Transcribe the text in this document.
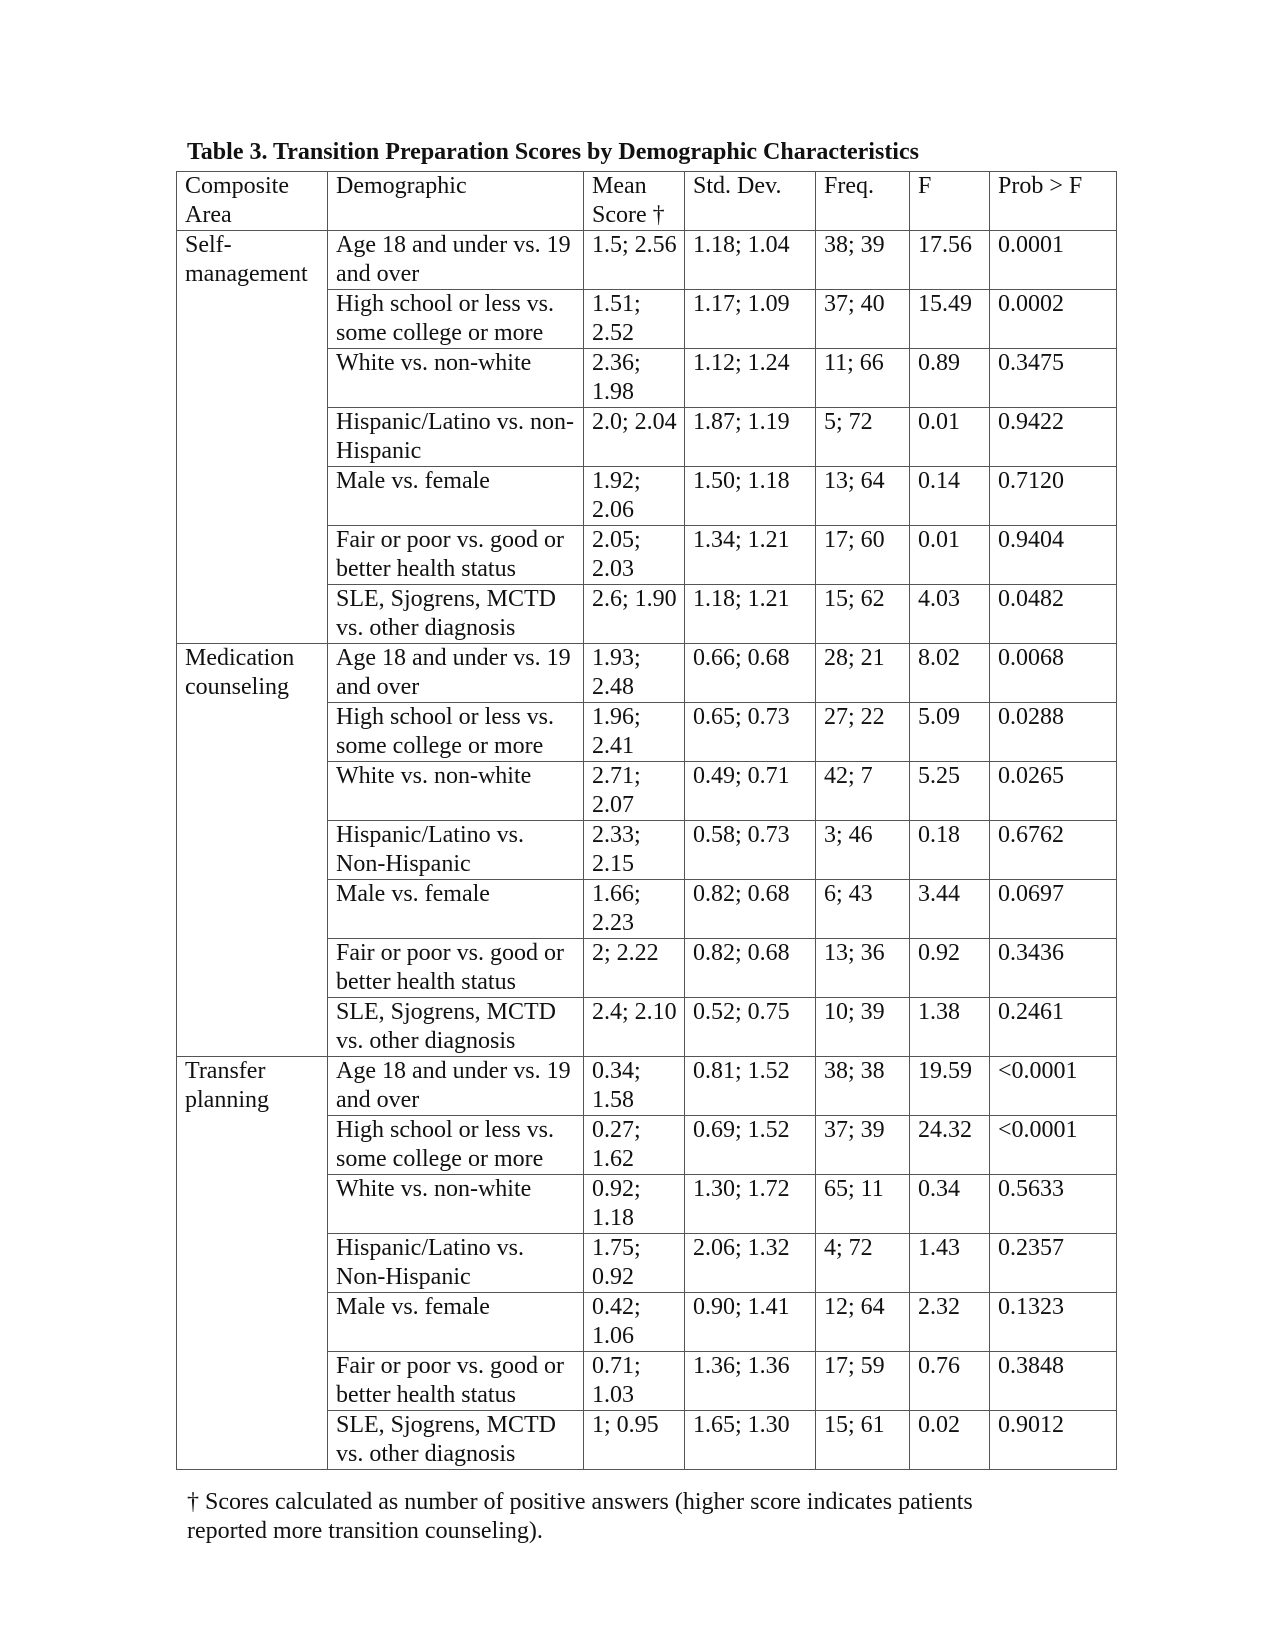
Table 3. Transition Preparation Scores by Demographic Characteristics
Composite Area	Demographic	Mean Score †	Std. Dev.	Freq.	F	Prob > F
Self-management	Age 18 and under vs. 19 and over	1.5; 2.56	1.18; 1.04	38; 39	17.56	0.0001
	High school or less vs. some college or more	1.51; 2.52	1.17; 1.09	37; 40	15.49	0.0002
	White vs. non-white	2.36; 1.98	1.12; 1.24	11; 66	0.89	0.3475
	Hispanic/Latino vs. non-Hispanic	2.0; 2.04	1.87; 1.19	5; 72	0.01	0.9422
	Male vs. female	1.92; 2.06	1.50; 1.18	13; 64	0.14	0.7120
	Fair or poor vs. good or better health status	2.05; 2.03	1.34; 1.21	17; 60	0.01	0.9404
	SLE, Sjogrens, MCTD vs. other diagnosis	2.6; 1.90	1.18; 1.21	15; 62	4.03	0.0482
Medication counseling	Age 18 and under vs. 19 and over	1.93; 2.48	0.66; 0.68	28; 21	8.02	0.0068
	High school or less vs. some college or more	1.96; 2.41	0.65; 0.73	27; 22	5.09	0.0288
	White vs. non-white	2.71; 2.07	0.49; 0.71	42; 7	5.25	0.0265
	Hispanic/Latino vs. Non-Hispanic	2.33; 2.15	0.58; 0.73	3; 46	0.18	0.6762
	Male vs. female	1.66; 2.23	0.82; 0.68	6; 43	3.44	0.0697
	Fair or poor vs. good or better health status	2; 2.22	0.82; 0.68	13; 36	0.92	0.3436
	SLE, Sjogrens, MCTD vs. other diagnosis	2.4; 2.10	0.52; 0.75	10; 39	1.38	0.2461
Transfer planning	Age 18 and under vs. 19 and over	0.34; 1.58	0.81; 1.52	38; 38	19.59	<0.0001
	High school or less vs. some college or more	0.27; 1.62	0.69; 1.52	37; 39	24.32	<0.0001
	White vs. non-white	0.92; 1.18	1.30; 1.72	65; 11	0.34	0.5633
	Hispanic/Latino vs. Non-Hispanic	1.75; 0.92	2.06; 1.32	4; 72	1.43	0.2357
	Male vs. female	0.42; 1.06	0.90; 1.41	12; 64	2.32	0.1323
	Fair or poor vs. good or better health status	0.71; 1.03	1.36; 1.36	17; 59	0.76	0.3848
	SLE, Sjogrens, MCTD vs. other diagnosis	1; 0.95	1.65; 1.30	15; 61	0.02	0.9012
† Scores calculated as number of positive answers (higher score indicates patients reported more transition counseling).
